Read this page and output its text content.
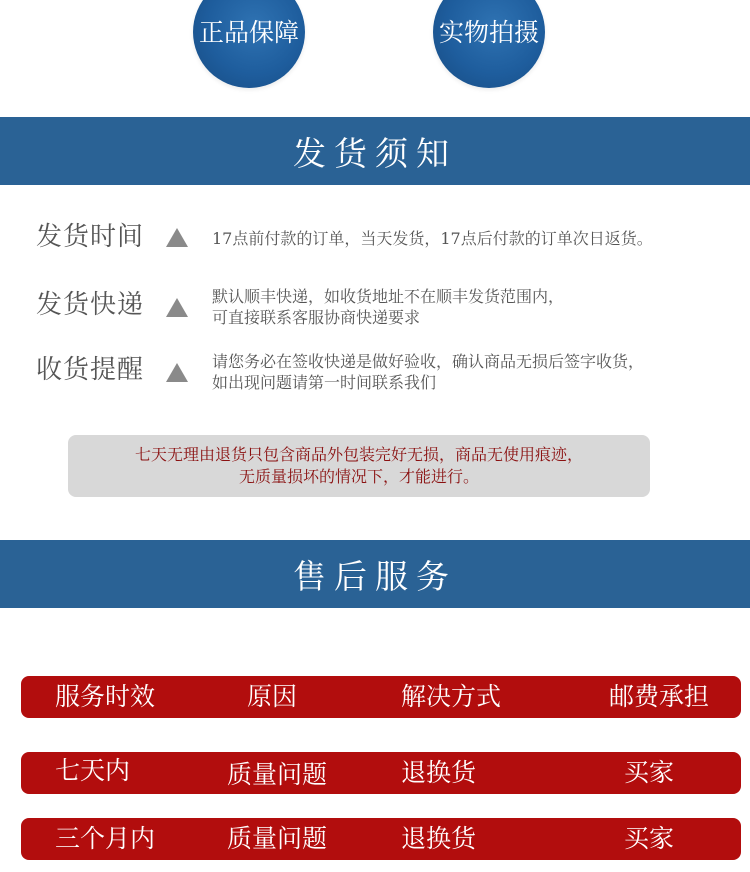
正品保障	实物拍摄
发货须知
发货时间	17点前付款的订单，当天发货，17点后付款的订单次日返货。
发货快递	默认顺丰快递，如收货地址不在顺丰发货范围内，
可直接联系客服协商快递要求
收货提醒	请您务必在签收快递是做好验收，确认商品无损后签字收货，
如出现问题请第一时间联系我们
七天无理由退货只包含商品外包装完好无损，商品无使用痕迹，
无质量损坏的情况下，才能进行。
售后服务
服务时效	原因	解决方式	邮费承担
七天内	质量问题	退换货	买家
三个月内	质量问题	退换货	买家
